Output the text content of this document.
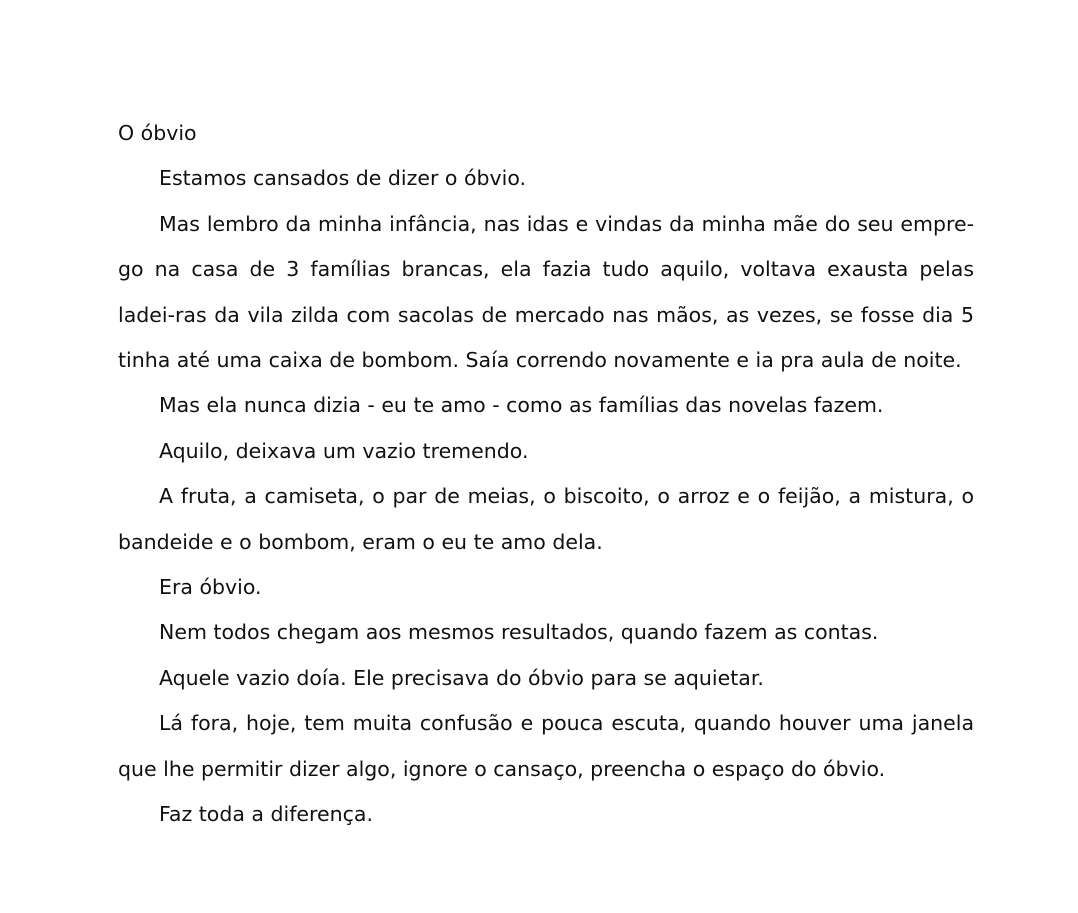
O óbvio

Estamos cansados de dizer o óbvio.

Mas lembro da minha infância, nas idas e vindas da minha mãe do seu empre-go na casa de 3 famílias brancas, ela fazia tudo aquilo, voltava exausta pelas ladei-ras da vila zilda com sacolas de mercado nas mãos, as vezes, se fosse dia 5 tinha até uma caixa de bombom. Saía correndo novamente e ia pra aula de noite.

Mas ela nunca dizia - eu te amo - como as famílias das novelas fazem.

Aquilo, deixava um vazio tremendo.

A fruta, a camiseta, o par de meias, o biscoito, o arroz e o feijão, a mistura, o bandeide e o bombom, eram o eu te amo dela.

Era óbvio.

Nem todos chegam aos mesmos resultados, quando fazem as contas.

Aquele vazio doía. Ele precisava do óbvio para se aquietar.

Lá fora, hoje, tem muita confusão e pouca escuta, quando houver uma janela que lhe permitir dizer algo, ignore o cansaço, preencha o espaço do óbvio.

Faz toda a diferença.
